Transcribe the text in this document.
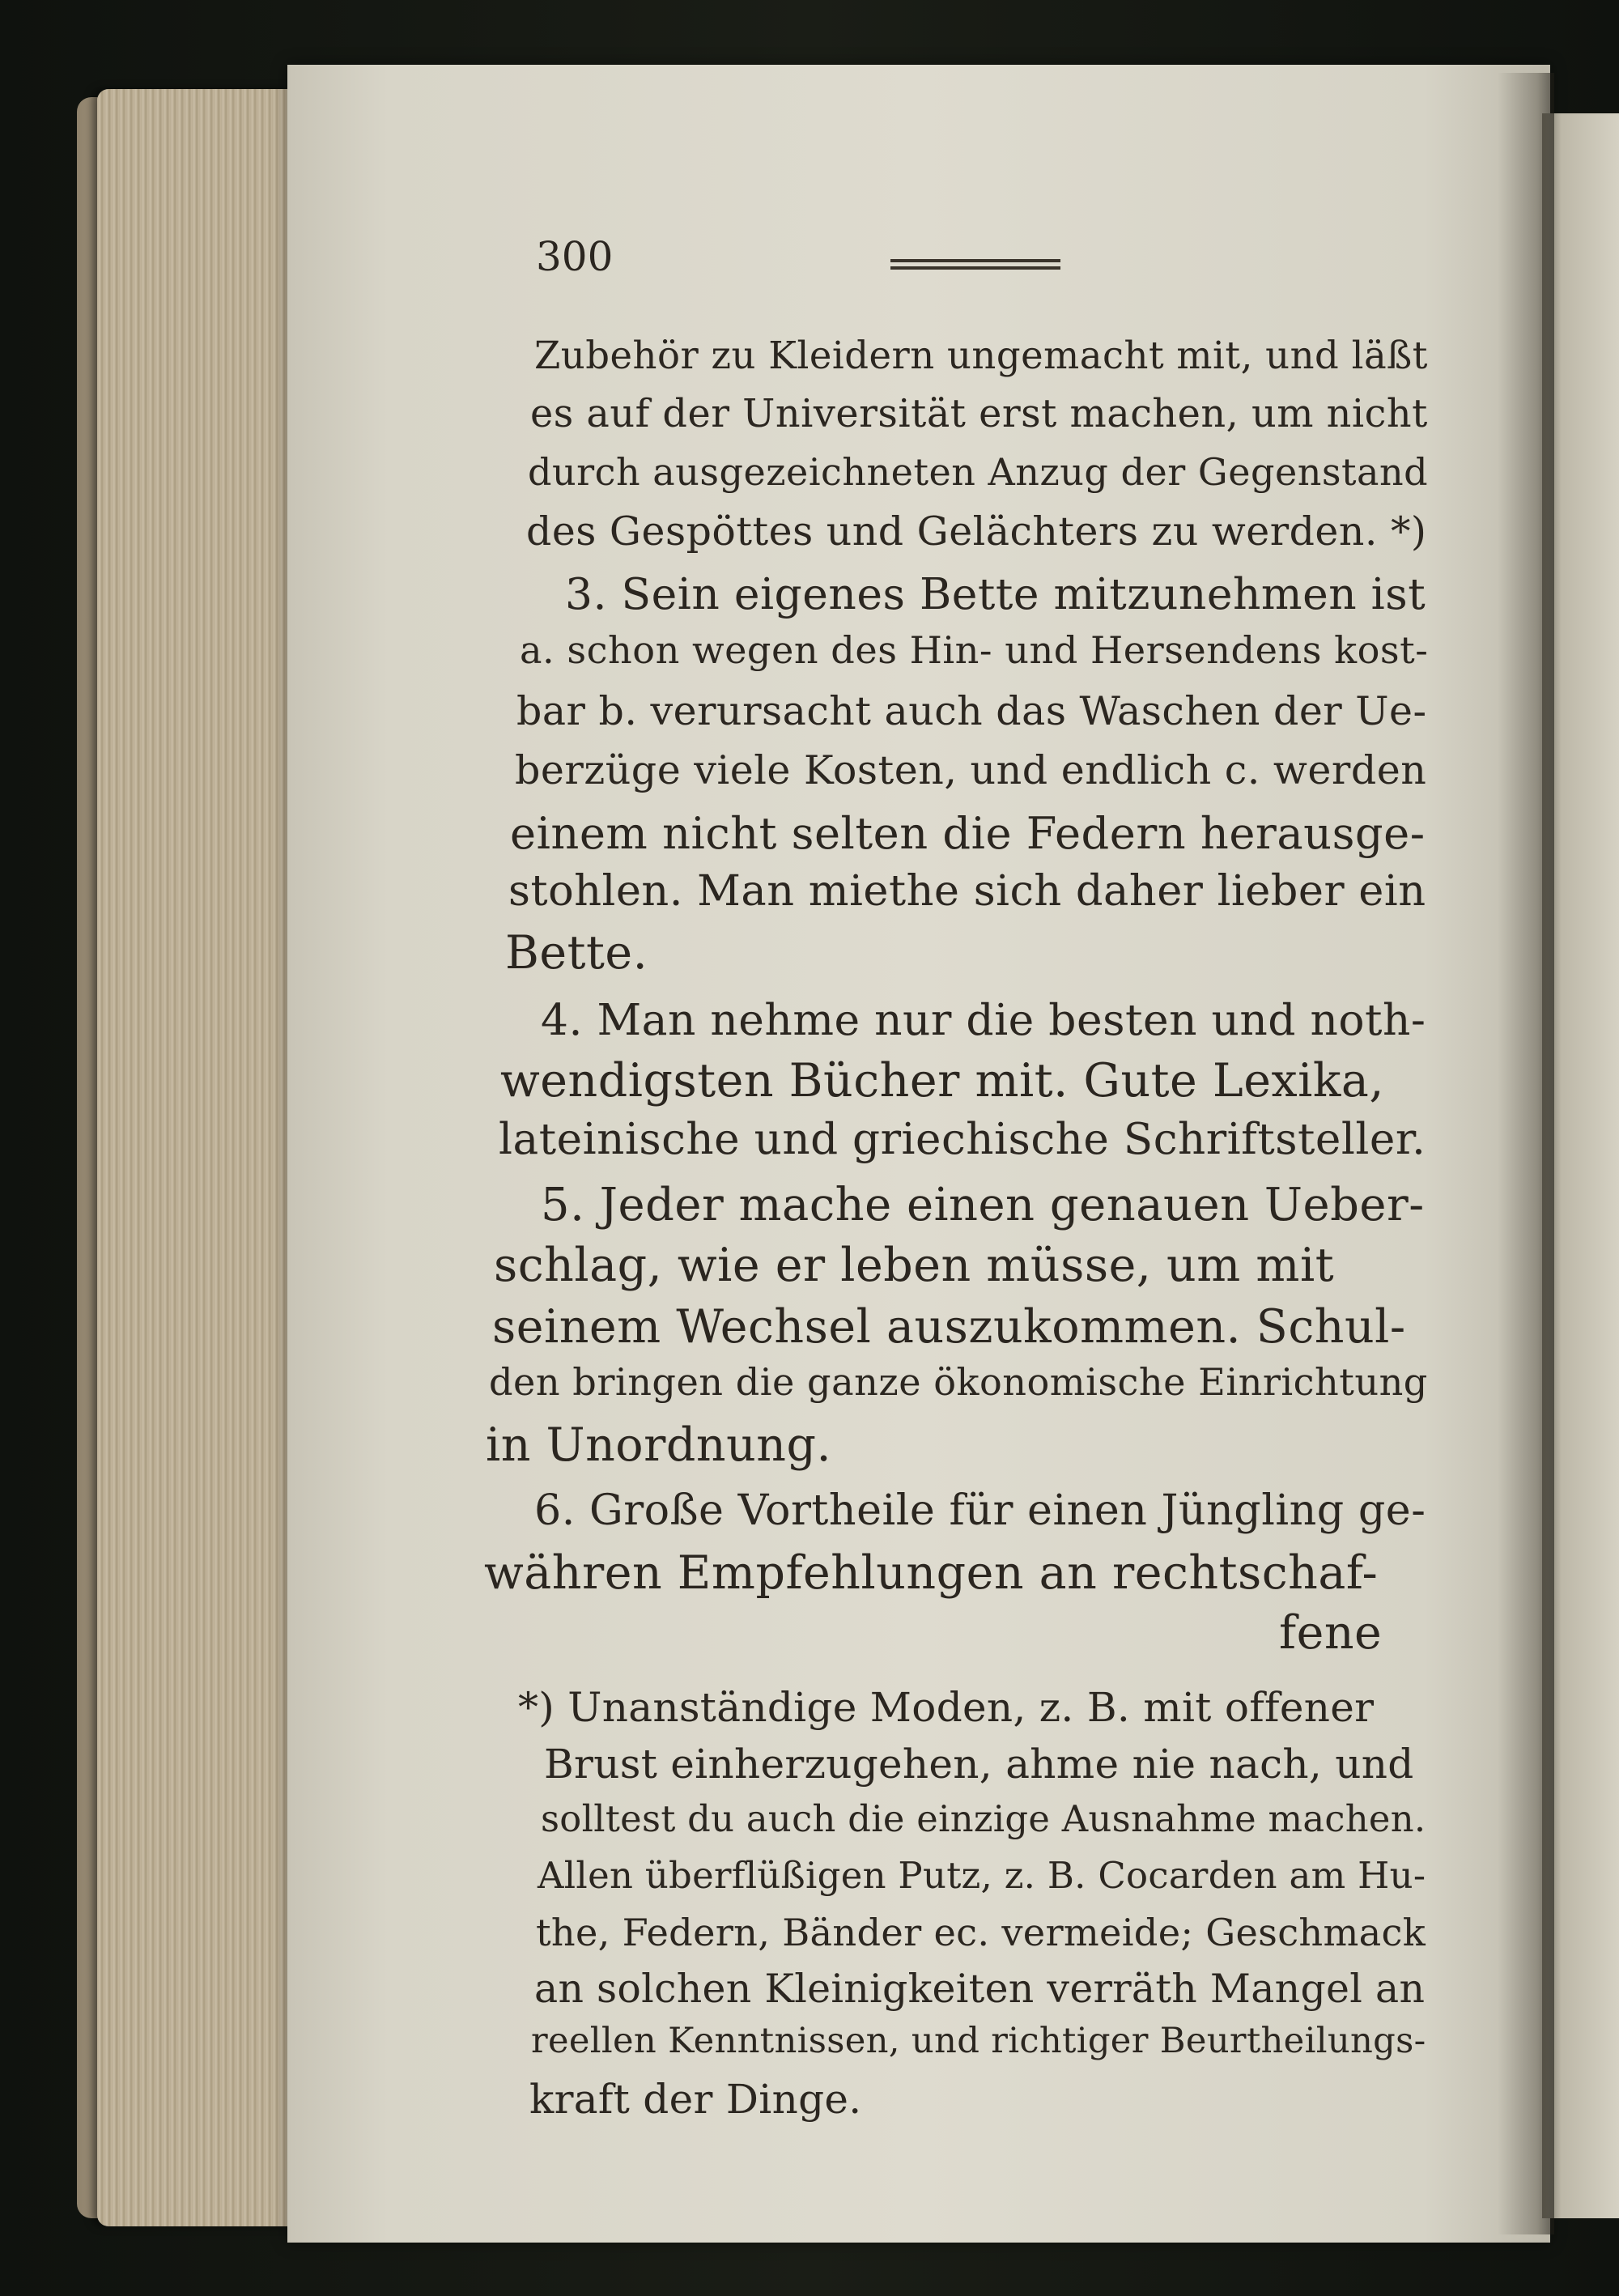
300
Zubehör zu Kleidern ungemacht mit, und läßt
es auf der Universität erst machen, um nicht
durch ausgezeichneten Anzug der Gegenstand
des Gespöttes und Gelächters zu werden. *)
3. Sein eigenes Bette mitzunehmen ist
a. schon wegen des Hin- und Hersendens kost-
bar b. verursacht auch das Waschen der Ue-
berzüge viele Kosten, und endlich c. werden
einem nicht selten die Federn herausge-
stohlen. Man miethe sich daher lieber ein
Bette.
4. Man nehme nur die besten und noth-
wendigsten Bücher mit. Gute Lexika,
lateinische und griechische Schriftsteller.
5. Jeder mache einen genauen Ueber-
schlag, wie er leben müsse, um mit
seinem Wechsel auszukommen. Schul-
den bringen die ganze ökonomische Einrichtung
in Unordnung.
6. Große Vortheile für einen Jüngling ge-
währen Empfehlungen an rechtschaf-
fene
*) Unanständige Moden, z. B. mit offener
Brust einherzugehen, ahme nie nach, und
solltest du auch die einzige Ausnahme machen.
Allen überflüßigen Putz, z. B. Cocarden am Hu-
the, Federn, Bänder ec. vermeide; Geschmack
an solchen Kleinigkeiten verräth Mangel an
reellen Kenntnissen, und richtiger Beurtheilungs-
kraft der Dinge.
